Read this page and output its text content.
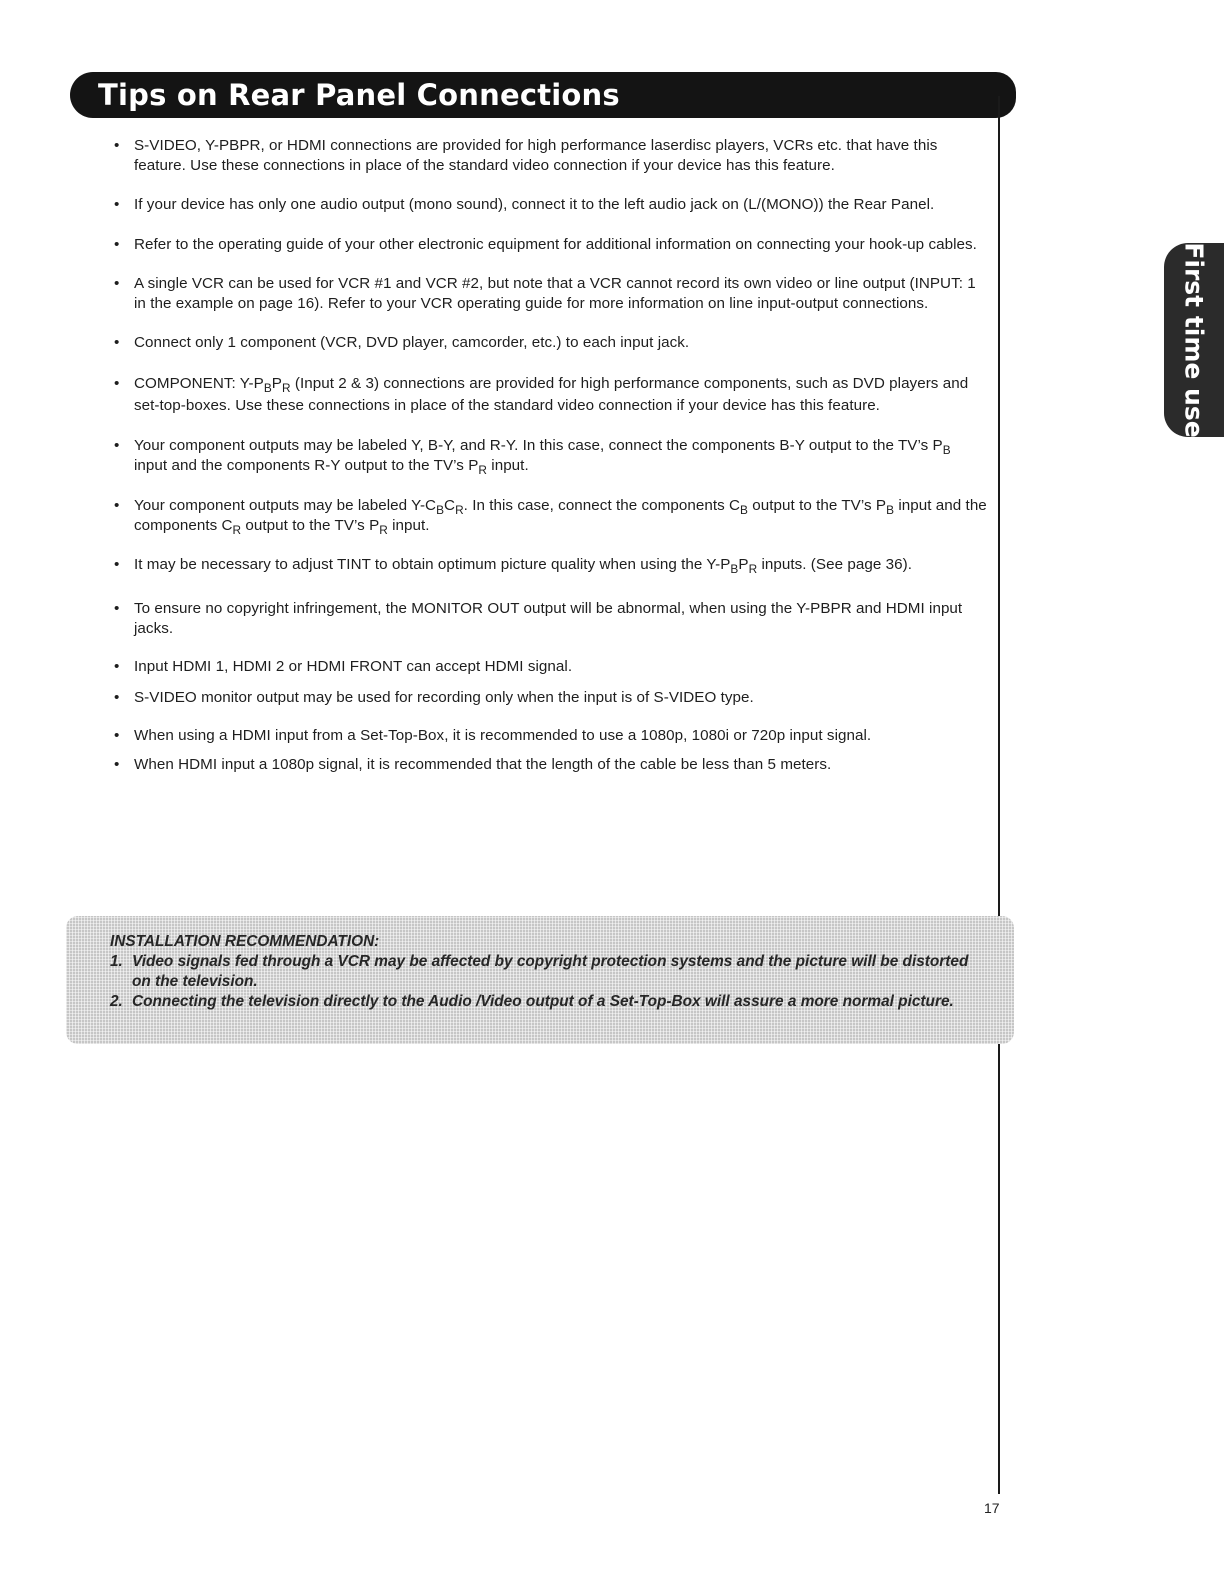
Tips on Rear Panel Connections
First time use
• S-VIDEO, Y-PBPR, or HDMI connections are provided for high performance laserdisc players, VCRs etc. that have this feature. Use these connections in place of the standard video connection if your device has this feature.
• If your device has only one audio output (mono sound), connect it to the left audio jack on (L/(MONO)) the Rear Panel.
• Refer to the operating guide of your other electronic equipment for additional information on connecting your hook-up cables.
• A single VCR can be used for VCR #1 and VCR #2, but note that a VCR cannot record its own video or line output (INPUT: 1 in the example on page 16). Refer to your VCR operating guide for more information on line input-output connections.
• Connect only 1 component (VCR, DVD player, camcorder, etc.) to each input jack.
• COMPONENT: $Y-P_BP_R$ (Input 2 & 3) connections are provided for high performance components, such as DVD players and set-top-boxes. Use these connections in place of the standard video connection if your device has this feature.
• Your component outputs may be labeled Y, B-Y, and R-Y. In this case, connect the components B-Y output to the TV’s $P_B$ input and the components R-Y output to the TV’s $P_R$ input.
• Your component outputs may be labeled $Y-C_BC_R$. In this case, connect the components $C_B$ output to the TV’s $P_B$ input and the components $C_R$ output to the TV’s $P_R$ input.
• It may be necessary to adjust TINT to obtain optimum picture quality when using the $Y-P_BP_R$ inputs. (See page 36).
• To ensure no copyright infringement, the MONITOR OUT output will be abnormal, when using the Y-PBPR and HDMI input jacks.
• Input HDMI 1, HDMI 2 or HDMI FRONT can accept HDMI signal.
• S-VIDEO monitor output may be used for recording only when the input is of S-VIDEO type.
• When using a HDMI input from a Set-Top-Box, it is recommended to use a 1080p, 1080i or 720p input signal.
• When HDMI input a 1080p signal, it is recommended that the length of the cable be less than 5 meters.

INSTALLATION RECOMMENDATION:

1. Video signals fed through a VCR may be affected by copyright protection systems and the picture will be distorted on the television.

2. Connecting the television directly to the Audio /Video output of a Set-Top-Box will assure a more normal picture.

17
